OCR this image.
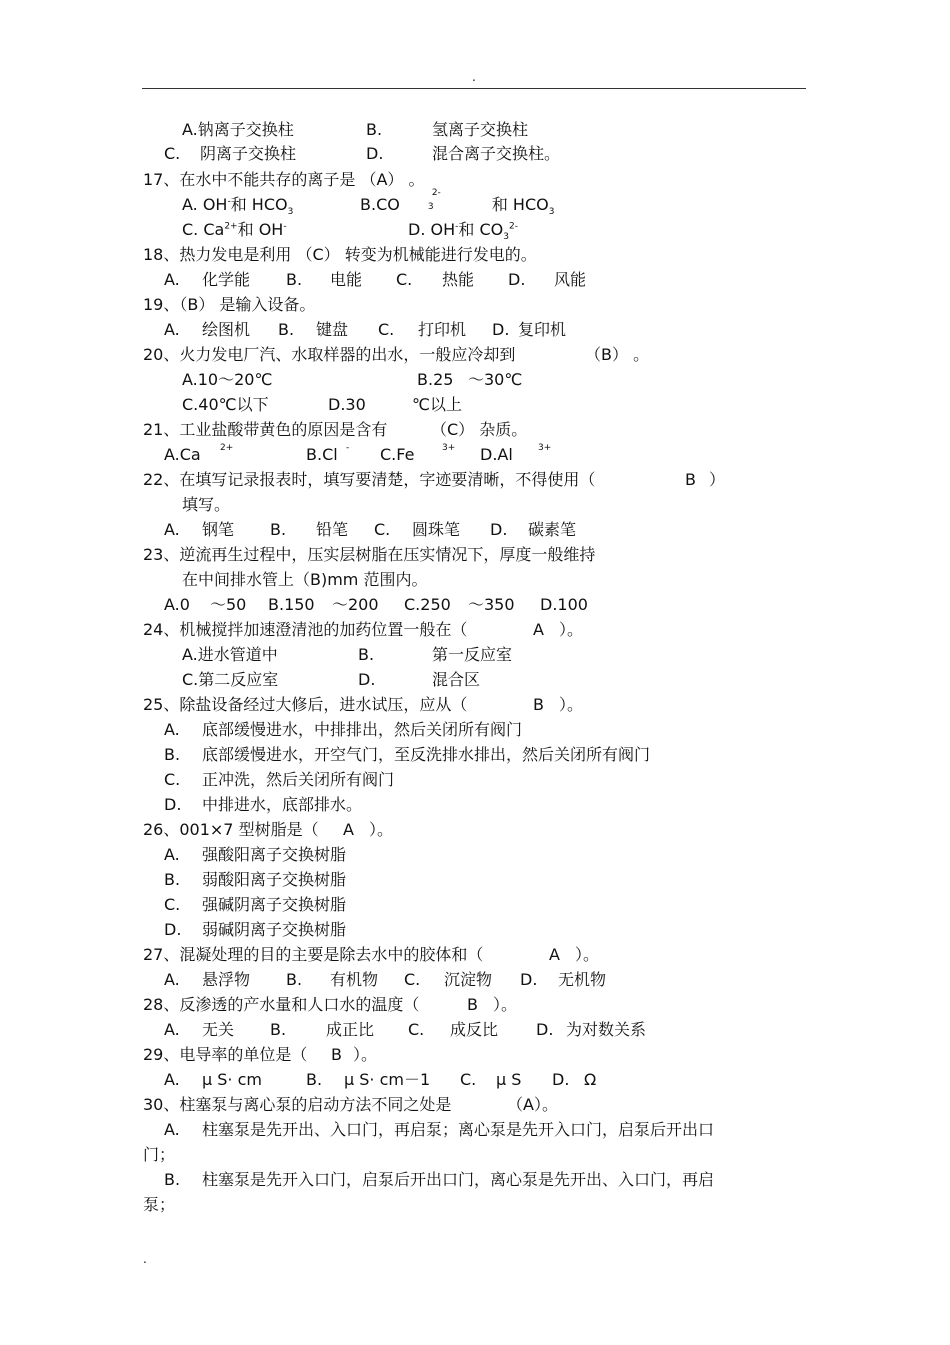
.
A.钠离子交换柱	B.	氢离子交换柱
C. 阴离子交换柱	D.	混合离子交换柱。
17、在水中不能共存的离子是 （A） 。
A. OH-和 $HCO_3$	B.CO	3
2-
和 $HCO_3$
C. $Ca^{2+}$和 OH-	D. OH-和 $CO_3^{2-}$
18、热力发电是利用 （C） 转变为机械能进行发电的。
A. 化学能 B. 电能 C. 热能 D. 风能
19、（B） 是输入设备。
A. 绘图机 B. 键盘 C. 打印机 D. 复印机
20、火力发电厂汽、水取样器的出水，一般应冷却到	（B） 。
A.10～20℃	B.25 ～30℃
C.40℃以下	D.30	℃以上
21、工业盐酸带黄色的原因是含有	（C） 杂质。
A.Ca $^{2+}$	B.Cl - C.Fe	$^{3+}$ D.Al	$^{3+}$
22、在填写记录报表时，填写要清楚，字迹要清晰，不得使用（	B ）
填写。
A. 钢笔 B. 铅笔 C. 圆珠笔 D. 碳素笔
23、逆流再生过程中，压实层树脂在压实情况下，厚度一般维持
在中间排水管上（B)mm 范围内。
A.0 ～50 B.150 ～200 C.250 ～350 D.100
24、机械搅拌加速澄清池的加药位置一般在（	A ）。
A.进水管道中	B.	第一反应室
C.第二反应室	D.	混合区
25、除盐设备经过大修后，进水试压，应从（	B ）。
A. 底部缓慢进水，中排排出，然后关闭所有阀门
B. 底部缓慢进水，开空气门，至反洗排水排出，然后关闭所有阀门
C. 正冲洗，然后关闭所有阀门
D. 中排进水，底部排水。
26、001×7 型树脂是（ A ）。
A. 强酸阳离子交换树脂
B. 弱酸阳离子交换树脂
C. 强碱阴离子交换树脂
D. 弱碱阴离子交换树脂
27、混凝处理的目的主要是除去水中的胶体和（	A ）。
A. 悬浮物 B. 有机物 C. 沉淀物 D. 无机物
28、反渗透的产水量和人口水的温度（	B ）。
A. 无关 B. 成正比 C. 成反比 D. 为对数关系
29、电导率的单位是（ B ）。
A. μ S· cm	B. μ S· cm－1 C. μ S D. Ω
30、柱塞泵与离心泵的启动方法不同之处是	（A）。
A. 柱塞泵是先开出、入口门，再启泵；离心泵是先开入口门，启泵后开出口
门；
B. 柱塞泵是先开入口门，启泵后开出口门，离心泵是先开出、入口门，再启
泵；
.
